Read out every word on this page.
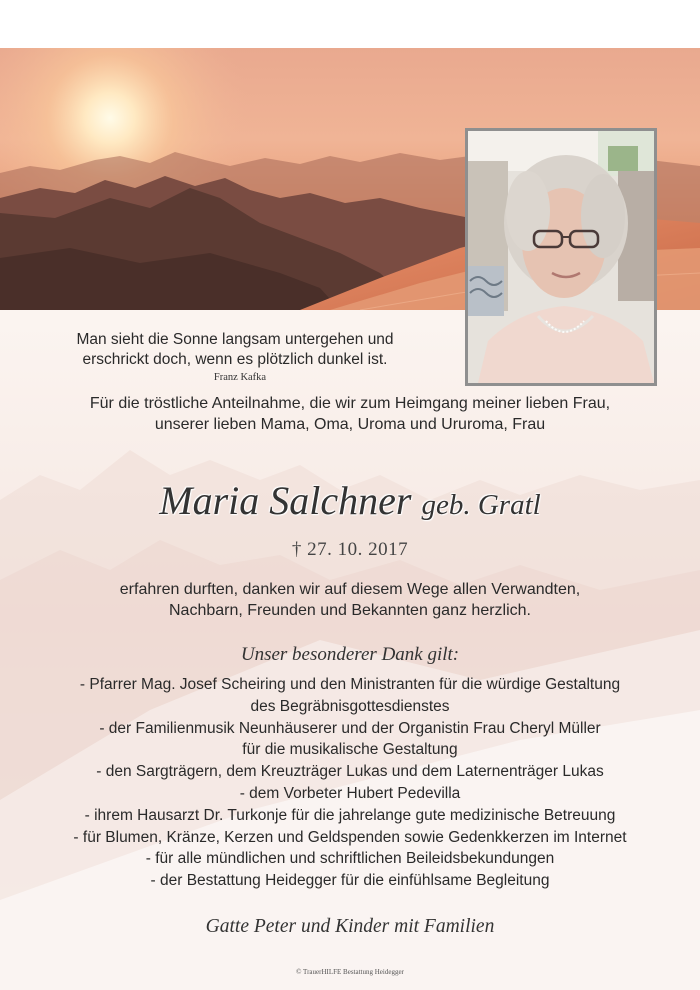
Man sieht die Sonne langsam untergehen und
erschrickt doch, wenn es plötzlich dunkel ist.
Franz Kafka
Für die tröstliche Anteilnahme, die wir zum Heimgang meiner lieben Frau,
unserer lieben Mama, Oma, Uroma und Ururoma, Frau
Maria Salchner geb. Gratl
† 27. 10. 2017
erfahren durften, danken wir auf diesem Wege allen Verwandten,
Nachbarn, Freunden und Bekannten ganz herzlich.
Unser besonderer Dank gilt:
- Pfarrer Mag. Josef Scheiring und den Ministranten für die würdige Gestaltung
des Begräbnisgottesdienstes
- der Familienmusik Neunhäuserer und der Organistin Frau Cheryl Müller
für die musikalische Gestaltung
- den Sargträgern, dem Kreuzträger Lukas und dem Laternenträger Lukas
- dem Vorbeter Hubert Pedevilla
- ihrem Hausarzt Dr. Turkonje für die jahrelange gute medizinische Betreuung
- für Blumen, Kränze, Kerzen und Geldspenden sowie Gedenkkerzen im Internet
- für alle mündlichen und schriftlichen Beileidsbekundungen
- der Bestattung Heidegger für die einfühlsame Begleitung
Gatte Peter und Kinder mit Familien
© TrauerHILFE Bestattung Heidegger
